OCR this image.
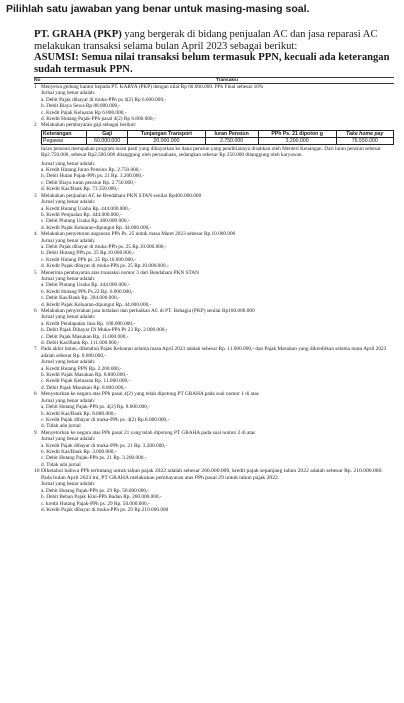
Pilihlah satu jawaban yang benar untuk masing-masing soal.
PT. GRAHA (PKP) yang bergerak di bidang penjualan AC dan jasa reparasi AC melakukan transaksi selama bulan April 2023 sebagai berikut:
ASUMSI: Semua nilai transaksi belum termasuk PPN, kecuali ada keterangan sudah termasuk PPN.
No	Transaksi
1 Menyewa gedung kantor kepada PT. KARYA (PKP) dengan nilai Rp 60.000.000. PPh Final sebesar 10%
Jurnal yang benar adalah:
a. Debit Pajak dibayar di muka-PPh ps 4(2) Rp 6.000.000,-
b. Debit Biaya Sewa Rp 88.800.000,-
c. Kredit Pajak Keluaran Rp 6.800.000,-
d. Kredit Hutang Pajak-PPh pasal 4(2) Rp 6.800.000,-
2 Melakukan pembayaran gaji sebagai berikut:
Keterangan	Gaji	Tunjangan Transport	Iuran Pensiun	PPh Ps. 21 dipoton g	Take home pay
Pegawai	60.000.000	20.000.000	2.750.000	3.200.000	76.550.000
Iuran pensiun merupakan program iuran pasti yang dibayarkan ke dana pensiun yang pendiriannya disahkan oleh Menteri Keuangan. Dari iuran pensiun sebesar Rp2.750.000, sebesar Rp2.500.000 ditanggung oleh perusahaan, sedangkan sebesar Rp 250.000 ditanggung oleh karyawan.
Jurnal yang benar adalah:
a. Kredit Hutang Iuran Pensiun Rp. 2.750.000,-
b. Debit Hutan Pajak-PPh ps. 21 Rp. 3.200.000,-
c. Debit Biaya iuran pensiun Rp. 2.750.000,-
d. Kredit Kas/Bank Rp. 73.350.000,-
3 Melakukan penjualan AC ke Bendahara PKN STAN senilai Rp400.000.000
Jurnal yang benar adalah:
a. Kredit Hutang Usaha Rp. 444.000.000,-
b. Kredit Penjualan Rp. 444.000.000,-
c. Debit Piutang Usaha Rp. 400.000.000,-
d. Kredit Pajak Keluaran-dipungut Rp. 44.000.000,-
4 Melakukan penyetoran angsuran PPh Ps. 25 untuk masa Maret 2023 sebesar Rp.10.000.000
Jurnal yang benar adalah:
a. Debit Pajak dibayar di muka-PPh ps. 25 Rp.10.000.000,-
b. Debit Hutang PPh ps. 25 Rp.10.000.000,-
c. Kredit Hutang PPh ps. 25 Rp.10.000.000,-
d. Kredit Pajak dibayar di muka-PPh ps. 25 Rp.10.000.000,-
5 Menerima pembayaran atas transaksi nomor 3 dari Bendahara PKN STAN
Jurnal yang benar adalah:
a. Debit Piutang Usaha Rp. 444.000.000,-
b. Kredit Hutang PPh Ps.22 Rp. 6.000.000,-
c. Debit Kas/Bank Rp. 394.000.000,-
d. Kredit Pajak Keluaran-dipungut Rp. 44.000.000,-
6 Melakukan penyerahan jasa instalasi dan perbaikan AC di PT. Bahagia (PKP) senilai Rp100.000.000
Jurnal yang benar adalah:
a. Kredit Pendapatan Jasa Rp. 108.000.000,-
b. Debit Pajak Dibayar Di Muka-PPh Ps 23 Rp. 2.000.000,-
c. Debit Pajak Masukan Rp. 11.000.000,-
d. Debit Kas/Bank Rp. 111.000.000,-
7 Pada akhir bulan, diketahui Pajak Keluaran selama masa April 2023 adalah sebesar Rp. 11.000.000,- dan Pajak Masukan yang dikreditkan selama masa April 2023 adalah sebesar Rp. 8.800.000,-
Jurnal yang benar adalah:
a. Kredit Hutang PPN Rp. 2.200.000,-
b. Kredit Pajak Masukan Rp. 8.800.000,-
c. Kredit Pajak Keluaran Rp. 11.000.000,-
d. Debit Pajak Masukan Rp. 8.800.000,-
8 Menyetorkan ke negara atas PPh pasal 4(2) yang telah dipotong PT GRAHA pada soal nomor 1 di atas
Jurnal yang benar adalah:
a. Debit Hutang Pajak-PPh ps. 4(2) Rp. 8.000.000,-
b. Kredit Kas/Bank Rp. 8.880.000,-
c. Kredit Pajak dibayar di muka-PPh ps. 4(2) Rp.8.000.000,-
d. Tidak ada jurnal
9 Menyetorkan ke negara atas PPh pasal 21 yang telah dipotong PT GRAHA pada soal nomor 2 di atas
Jurnal yang benar adalah:
a. Kredit Pajak dibayar di muka-PPh ps. 21 Rp. 3.200.000,-
b. Kredit Kas/Bank Rp. 3.000.000,-
c. Debit Hutang Pajak-PPh ps. 21 Rp. 3.200.000,-
d. Tidak ada jurnal
10 Diketahui bahwa PPh terhutang untuk tahun pajak 2022 adalah sebesar 260.000.000, kredit pajak sepanjang tahun 2022 adalah sebesar Rp. 210.000.000. Pada bulan April 2023 ini, PT GRAHA melakukan pembayaran atas PPh pasal 29 untuk tahun pajak 2022.
Jurnal yang benar adalah:
a. Debit Hutang Pajak-PPh ps. 29 Rp. 50.000.000,-
b. Debit Beban Pajak Kini-PPh Badan Rp. 260.000.000,-
c. kredit Hutang Pajak-PPh ps. 29 Rp. 50.000.000,-
d. Kredit Pajak dibayar di muka-PPh ps. 29 Rp.210.000.000
